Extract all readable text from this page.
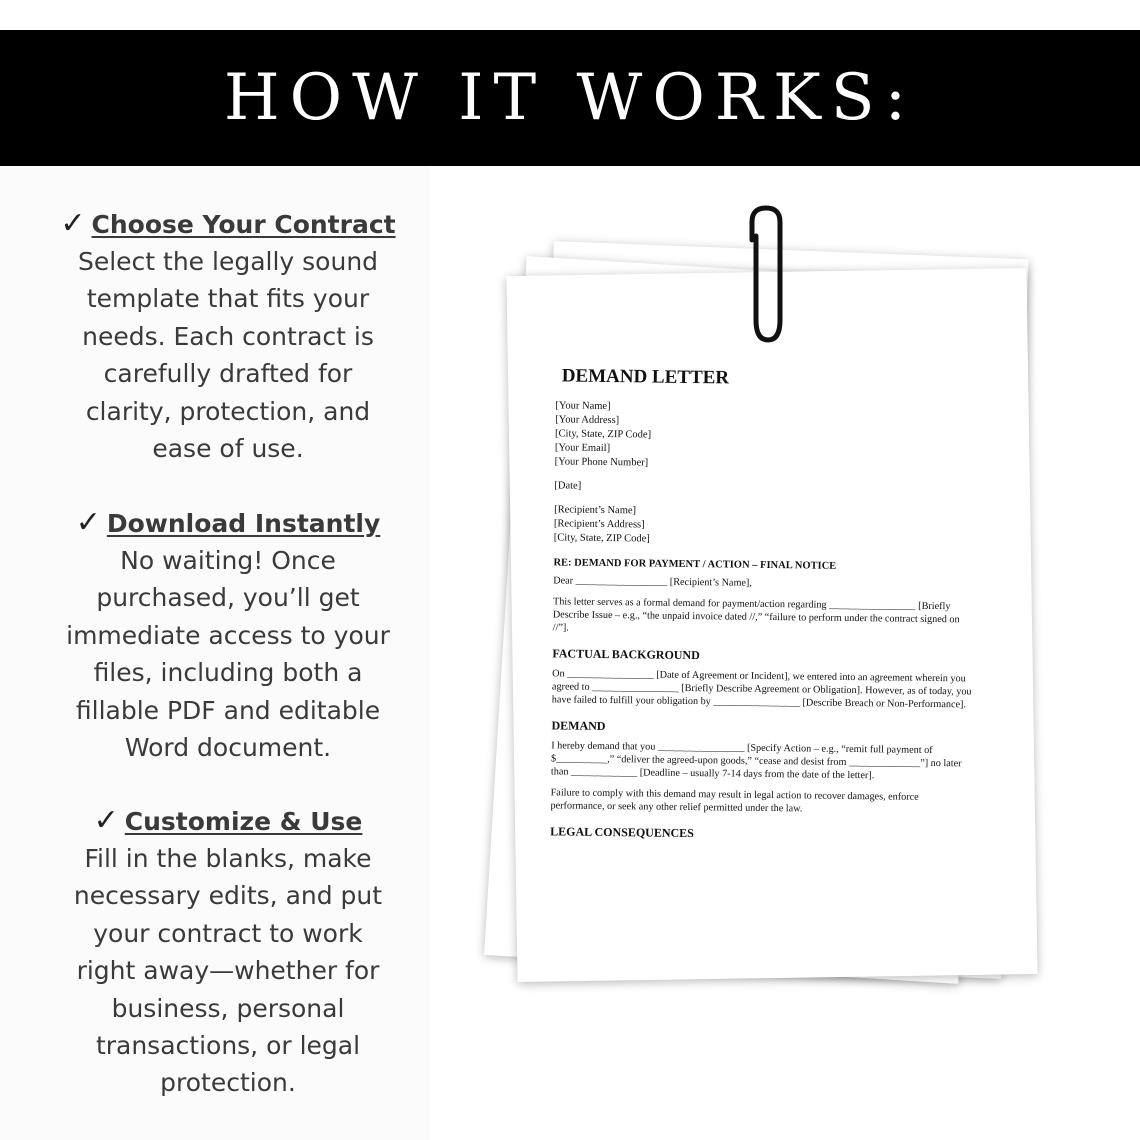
HOW IT WORKS:
✓ Choose Your Contract
Select the legally sound
template that fits your
needs. Each contract is
carefully drafted for
clarity, protection, and
ease of use.
✓ Download Instantly
No waiting! Once
purchased, you’ll get
immediate access to your
files, including both a
fillable PDF and editable
Word document.
✓ Customize & Use
Fill in the blanks, make
necessary edits, and put
your contract to work
right away—whether for
business, personal
transactions, or legal
protection.
DEMAND LETTER
[Your Name]
[Your Address]
[City, State, ZIP Code]
[Your Email]
[Your Phone Number]
[Date]
[Recipient’s Name]
[Recipient’s Address]
[City, State, ZIP Code]
RE: DEMAND FOR PAYMENT / ACTION – FINAL NOTICE

Dear __________________ [Recipient’s Name],

This letter serves as a formal demand for payment/action regarding _________________ [Briefly Describe Issue – e.g., “the unpaid invoice dated //,” “failure to perform under the contract signed on //”].

FACTUAL BACKGROUND

On _________________ [Date of Agreement or Incident], we entered into an agreement wherein you agreed to _________________ [Briefly Describe Agreement or Obligation]. However, as of today, you have failed to fulfill your obligation by _________________ [Describe Breach or Non-Performance].

DEMAND

I hereby demand that you _________________ [Specify Action – e.g., “remit full payment of $__________,” “deliver the agreed-upon goods,” “cease and desist from ______________”] no later than _____________ [Deadline – usually 7-14 days from the date of the letter].

Failure to comply with this demand may result in legal action to recover damages, enforce performance, or seek any other relief permitted under the law.

LEGAL CONSEQUENCES
